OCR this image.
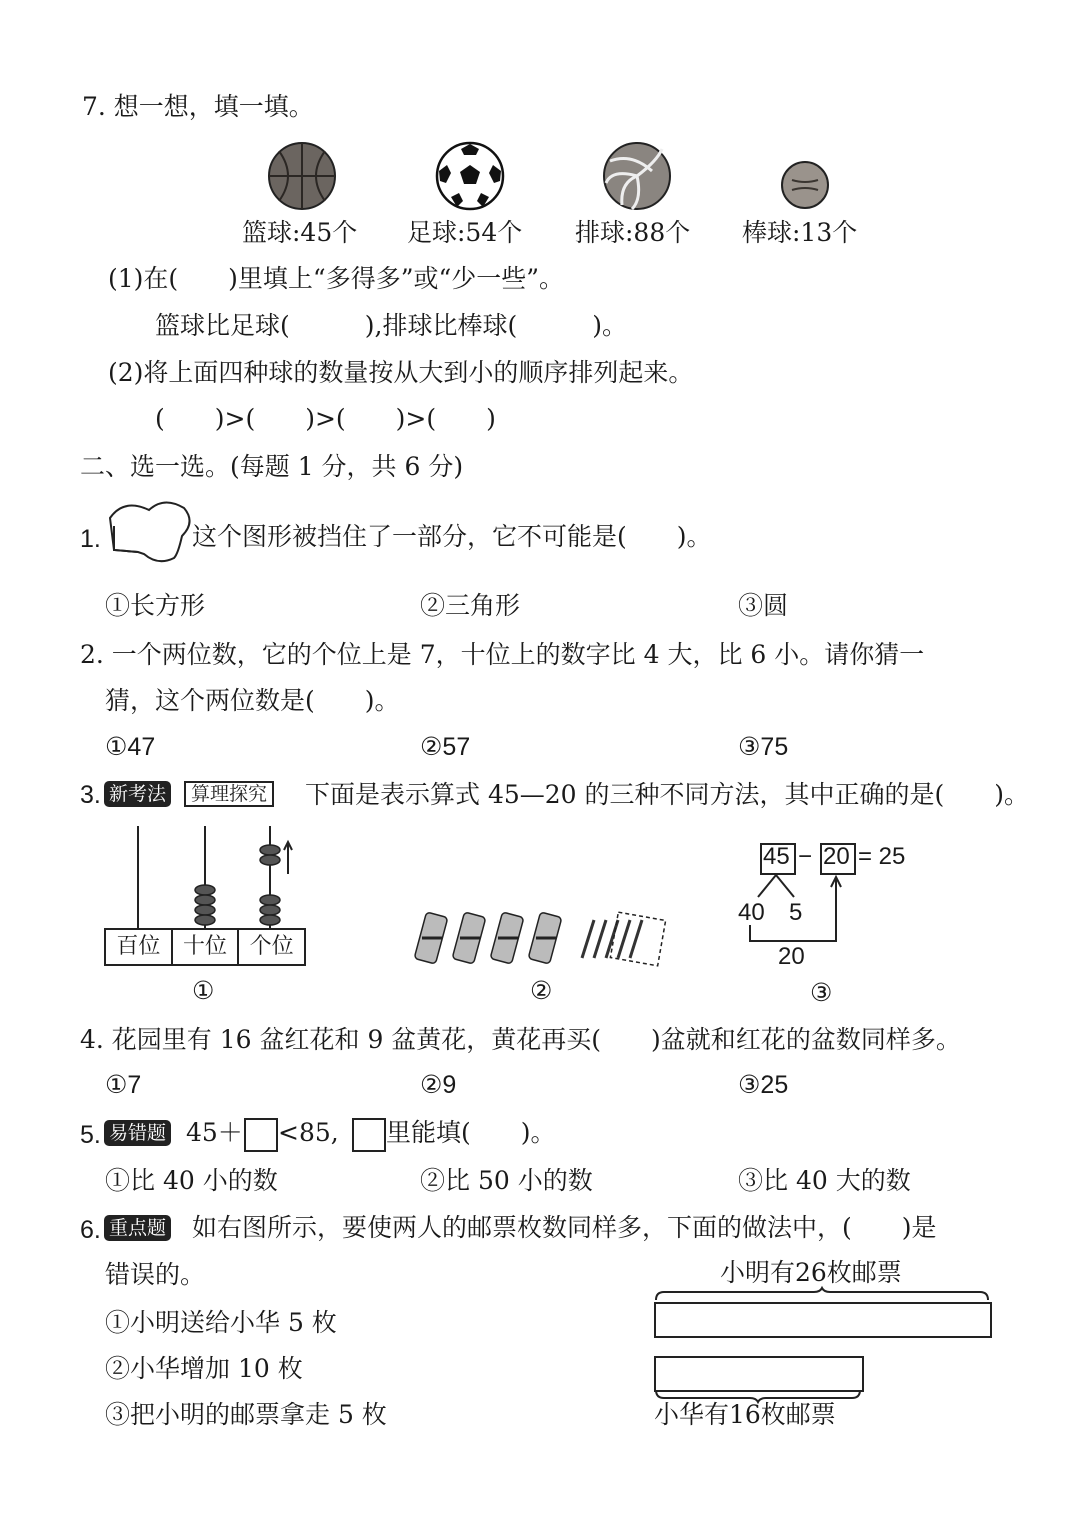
7. 想一想，填一填。
篮球:45个 足球:54个 排球:88个 棒球:13个
(1)在(　　)里填上“多得多”或“少一些”。
篮球比足球(　　　),排球比棒球(　　　)。
(2)将上面四种球的数量按从大到小的顺序排列起来。
(　　)>(　　)>(　　)>(　　)
二、选一选。(每题 1 分，共 6 分)
1.	这个图形被挡住了一部分，它不可能是(　　)。
①长方形	②三角形	③圆
2. 一个两位数，它的个位上是 7，十位上的数字比 4 大，比 6 小。请你猜一
猜，这个两位数是(　　)。
①47	②57	③75
3. 新考法	算理探究 下面是表示算式 45—20 的三种不同方法，其中正确的是(　　)。
百位	十位	个位
①	②
45 − 20 = 25
40 5
20
③
4. 花园里有 16 盆红花和 9 盆黄花，黄花再买(　　)盆就和红花的盆数同样多。
①7	②9	③25
5. 易错题 45＋ <85, 里能填(　　)。
①比 40 小的数	②比 50 小的数	③比 40 大的数
6. 重点题 如右图所示，要使两人的邮票枚数同样多，下面的做法中，(　　)是
错误的。
①小明送给小华 5 枚
②小华增加 10 枚
③把小明的邮票拿走 5 枚
小明有26枚邮票
小华有16枚邮票
